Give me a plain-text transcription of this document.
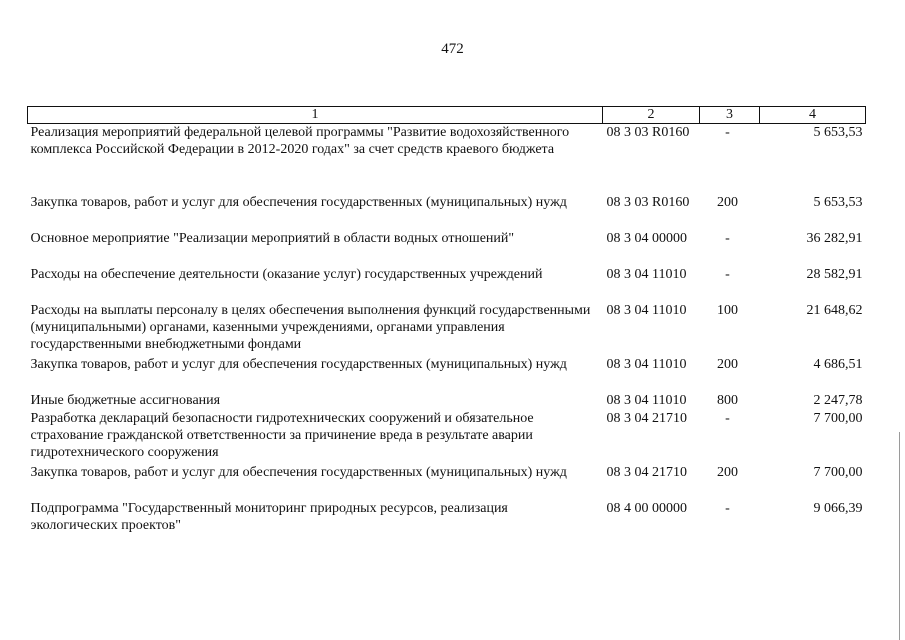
472
1	2	3	4
Реализация мероприятий федеральной целевой программы "Развитие водохозяйственного комплекса Российской Федерации в 2012-2020 годах" за счет средств краевого бюджета	08 3 03 R0160	-	5 653,53
Закупка товаров, работ и услуг для обеспечения государственных (муниципальных) нужд	08 3 03 R0160	200	5 653,53
Основное мероприятие "Реализации мероприятий в области водных отношений"	08 3 04 00000	-	36 282,91
Расходы на обеспечение деятельности (оказание услуг) государственных учреждений	08 3 04 11010	-	28 582,91
Расходы на выплаты персоналу в целях обеспечения выполнения функций государственными (муниципальными) органами, казенными учреждениями, органами управления государственными внебюджетными фондами	08 3 04 11010	100	21 648,62
Закупка товаров, работ и услуг для обеспечения государственных (муниципальных) нужд	08 3 04 11010	200	4 686,51
Иные бюджетные ассигнования	08 3 04 11010	800	2 247,78
Разработка деклараций безопасности гидротехнических сооружений и обязательное страхование гражданской ответственности за причинение вреда в результате аварии гидротехнического сооружения	08 3 04 21710	-	7 700,00
Закупка товаров, работ и услуг для обеспечения государственных (муниципальных) нужд	08 3 04 21710	200	7 700,00
Подпрограмма "Государственный мониторинг природных ресурсов, реализация экологических проектов"	08 4 00 00000	-	9 066,39
